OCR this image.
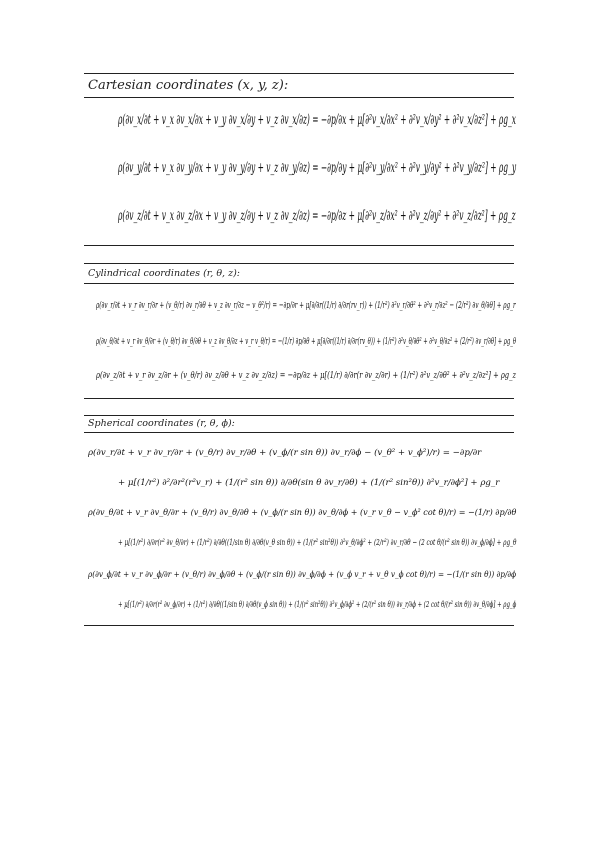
Cartesian coordinates (x, y, z):
ρ(∂v_x/∂t + v_x ∂v_x/∂x + v_y ∂v_x/∂y + v_z ∂v_x/∂z) = −∂p/∂x + μ[∂²v_x/∂x² + ∂²v_x/∂y² + ∂²v_x/∂z²] + ρg_x
ρ(∂v_y/∂t + v_x ∂v_y/∂x + v_y ∂v_y/∂y + v_z ∂v_y/∂z) = −∂p/∂y + μ[∂²v_y/∂x² + ∂²v_y/∂y² + ∂²v_y/∂z²] + ρg_y
ρ(∂v_z/∂t + v_x ∂v_z/∂x + v_y ∂v_z/∂y + v_z ∂v_z/∂z) = −∂p/∂z + μ[∂²v_z/∂x² + ∂²v_z/∂y² + ∂²v_z/∂z²] + ρg_z
Cylindrical coordinates (r, θ, z):
ρ(∂v_r/∂t + v_r ∂v_r/∂r + (v_θ/r) ∂v_r/∂θ + v_z ∂v_r/∂z − v_θ²/r) = −∂p/∂r + μ[∂/∂r((1/r) ∂/∂r(rv_r)) + (1/r²) ∂²v_r/∂θ² + ∂²v_r/∂z² − (2/r²) ∂v_θ/∂θ] + ρg_r
ρ(∂v_θ/∂t + v_r ∂v_θ/∂r + (v_θ/r) ∂v_θ/∂θ + v_z ∂v_θ/∂z + v_r v_θ/r) = −(1/r) ∂p/∂θ + μ[∂/∂r((1/r) ∂/∂r(rv_θ)) + (1/r²) ∂²v_θ/∂θ² + ∂²v_θ/∂z² + (2/r²) ∂v_r/∂θ] + ρg_θ
ρ(∂v_z/∂t + v_r ∂v_z/∂r + (v_θ/r) ∂v_z/∂θ + v_z ∂v_z/∂z) = −∂p/∂z + μ[(1/r) ∂/∂r(r ∂v_z/∂r) + (1/r²) ∂²v_z/∂θ² + ∂²v_z/∂z²] + ρg_z
Spherical coordinates (r, θ, ϕ):
ρ(∂v_r/∂t + v_r ∂v_r/∂r + (v_θ/r) ∂v_r/∂θ + (v_ϕ/(r sin θ)) ∂v_r/∂ϕ − (v_θ² + v_ϕ²)/r) = −∂p/∂r
+ μ[(1/r²) ∂²/∂r²(r²v_r) + (1/(r² sin θ)) ∂/∂θ(sin θ ∂v_r/∂θ) + (1/(r² sin²θ)) ∂²v_r/∂ϕ²] + ρg_r
ρ(∂v_θ/∂t + v_r ∂v_θ/∂r + (v_θ/r) ∂v_θ/∂θ + (v_ϕ/(r sin θ)) ∂v_θ/∂ϕ + (v_r v_θ − v_ϕ² cot θ)/r) = −(1/r) ∂p/∂θ
+ μ[(1/r²) ∂/∂r(r² ∂v_θ/∂r) + (1/r²) ∂/∂θ((1/sin θ) ∂/∂θ(v_θ sin θ)) + (1/(r² sin²θ)) ∂²v_θ/∂ϕ² + (2/r²) ∂v_r/∂θ − (2 cot θ/(r² sin θ)) ∂v_ϕ/∂ϕ] + ρg_θ
ρ(∂v_ϕ/∂t + v_r ∂v_ϕ/∂r + (v_θ/r) ∂v_ϕ/∂θ + (v_ϕ/(r sin θ)) ∂v_ϕ/∂ϕ + (v_ϕ v_r + v_θ v_ϕ cot θ)/r) = −(1/(r sin θ)) ∂p/∂ϕ
+ μ[(1/r²) ∂/∂r(r² ∂v_ϕ/∂r) + (1/r²) ∂/∂θ((1/sin θ) ∂/∂θ(v_ϕ sin θ)) + (1/(r² sin²θ)) ∂²v_ϕ/∂ϕ² + (2/(r² sin θ)) ∂v_r/∂ϕ + (2 cot θ/(r² sin θ)) ∂v_θ/∂ϕ] + ρg_ϕ
